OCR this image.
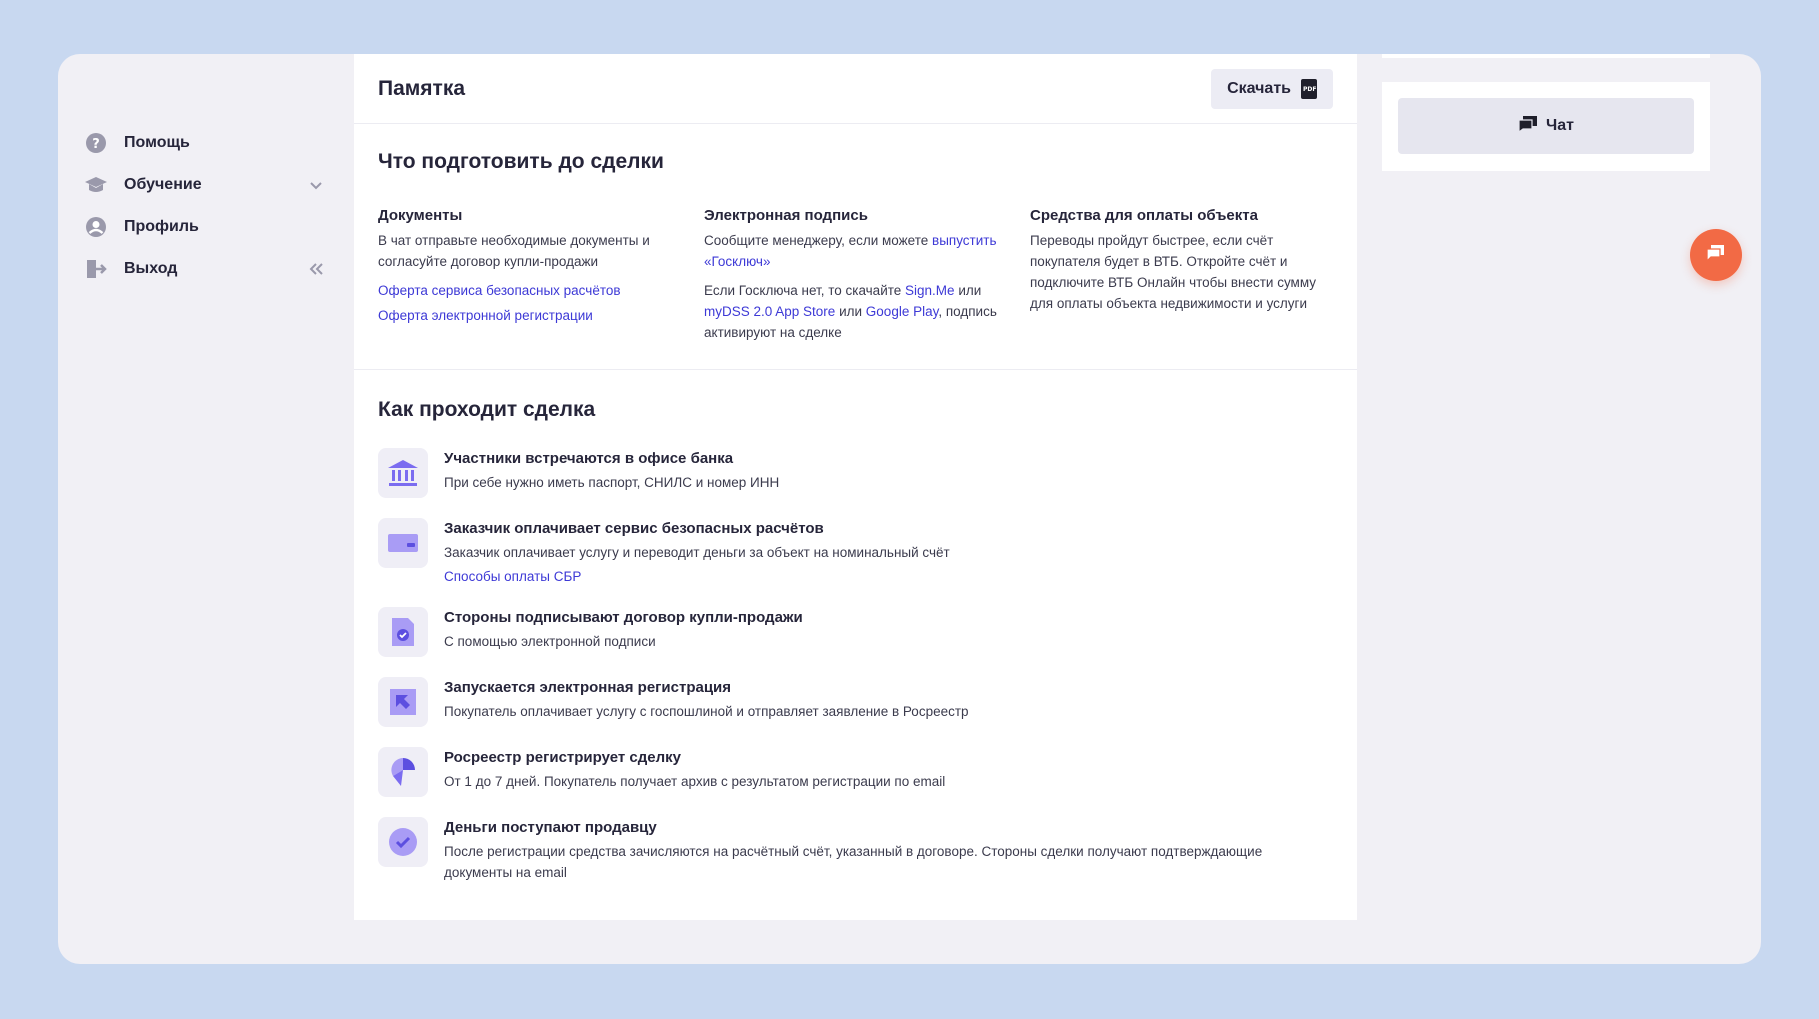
? Помощь
Обучение
Профиль
Выход
Памятка	Скачать PDF
Что подготовить до сделки
Документы

В чат отправьте необходимые документы и согласуйте договор купли-продажи

Оферта сервиса безопасных расчётов
Оферта электронной регистрации
Электронная подпись

Сообщите менеджеру, если можете выпустить «Госключ»

Если Госключа нет, то скачайте Sign.Me или myDSS 2.0 App Store или Google Play, подпись активируют на сделке

Средства для оплаты объекта

Переводы пройдут быстрее, если счёт покупателя будет в ВТБ. Откройте счёт и подключите ВТБ Онлайн чтобы внести сумму для оплаты объекта недвижимости и услуги

Как проходит сделка
Участники встречаются в офисе банка

При себе нужно иметь паспорт, СНИЛС и номер ИНН

Заказчик оплачивает сервис безопасных расчётов

Заказчик оплачивает услугу и переводит деньги за объект на номинальный счёт

Способы оплаты СБР
Стороны подписывают договор купли-продажи

С помощью электронной подписи

Запускается электронная регистрация

Покупатель оплачивает услугу с госпошлиной и отправляет заявление в Росреестр

Росреестр регистрирует сделку

От 1 до 7 дней. Покупатель получает архив с результатом регистрации по email

Деньги поступают продавцу

После регистрации средства зачисляются на расчётный счёт, указанный в договоре. Стороны сделки получают подтверждающие документы на email

Чат
